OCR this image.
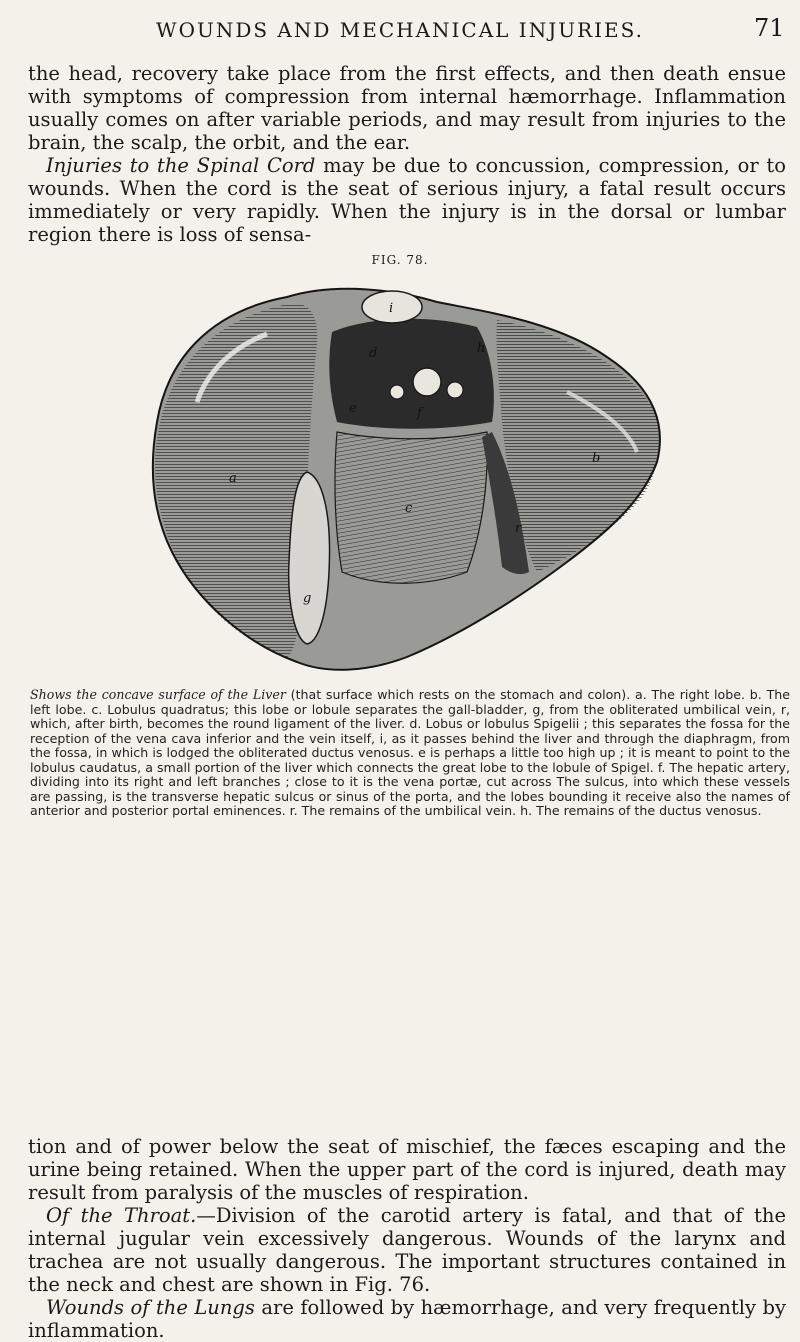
WOUNDS AND MECHANICAL INJURIES.	71

the head, recovery take place from the first effects, and then death ensue with symptoms of compression from internal hæmorrhage. Inflammation usually comes on after variable periods, and may result from injuries to the brain, the scalp, the orbit, and the ear.

Injuries to the Spinal Cord may be due to concussion, compression, or to wounds. When the cord is the seat of serious injury, a fatal result occurs immediately or very rapidly. When the injury is in the dorsal or lumbar region there is loss of sensa-

FIG. 78.
a
b
c
d
e	f
g
h
i
r
Shows the concave surface of the Liver (that surface which rests on the stomach and colon). a. The right lobe. b. The left lobe. c. Lobulus quadratus; this lobe or lobule separates the gall-bladder, g, from the obliterated umbilical vein, r, which, after birth, becomes the round ligament of the liver. d. Lobus or lobulus Spigelii ; this separates the fossa for the reception of the vena cava inferior and the vein itself, i, as it passes behind the liver and through the diaphragm, from the fossa, in which is lodged the obliterated ductus venosus. e is perhaps a little too high up ; it is meant to point to the lobulus caudatus, a small portion of the liver which connects the great lobe to the lobule of Spigel. f. The hepatic artery, dividing into its right and left branches ; close to it is the vena portæ, cut across The sulcus, into which these vessels are passing, is the transverse hepatic sulcus or sinus of the porta, and the lobes bounding it receive also the names of anterior and posterior portal eminences. r. The remains of the umbilical vein. h. The remains of the ductus venosus.

tion and of power below the seat of mischief, the fæces escaping and the urine being retained. When the upper part of the cord is injured, death may result from paralysis of the muscles of respiration.

Of the Throat.—Division of the carotid artery is fatal, and that of the internal jugular vein excessively dangerous. Wounds of the larynx and trachea are not usually dangerous. The important structures contained in the neck and chest are shown in Fig. 76.

Wounds of the Lungs are followed by hæmorrhage, and very frequently by inflammation.
